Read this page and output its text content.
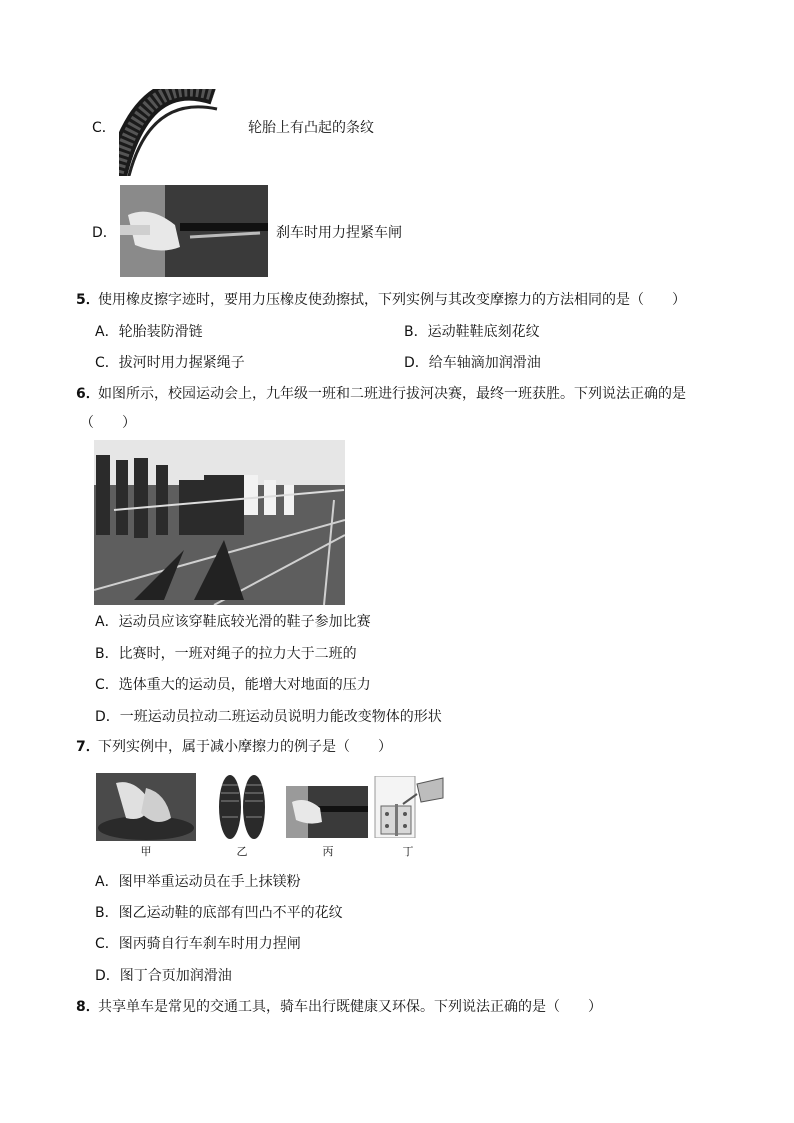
C．	轮胎上有凸起的条纹
D．	刹车时用力捏紧车闸
5．
使用橡皮擦字迹时，要用力压橡皮使劲擦拭，下列实例与其改变摩擦力的方法相同的是（　　）
A．轮胎装防滑链	B．运动鞋鞋底刻花纹
C．拔河时用力握紧绳子	D．给车轴滴加润滑油
6．
如图所示，校园运动会上，九年级一班和二班进行拔河决赛，最终一班获胜。下列说法正确的是
（　　）
A．运动员应该穿鞋底较光滑的鞋子参加比赛
B．比赛时，一班对绳子的拉力大于二班的
C．选体重大的运动员，能增大对地面的压力
D．一班运动员拉动二班运动员说明力能改变物体的形状
7．
下列实例中，属于减小摩擦力的例子是（　　）
甲	乙	丙	丁
A．图甲举重运动员在手上抹镁粉
B．图乙运动鞋的底部有凹凸不平的花纹
C．图丙骑自行车刹车时用力捏闸
D．图丁合页加润滑油
8．
共享单车是常见的交通工具，骑车出行既健康又环保。下列说法正确的是（　　）
